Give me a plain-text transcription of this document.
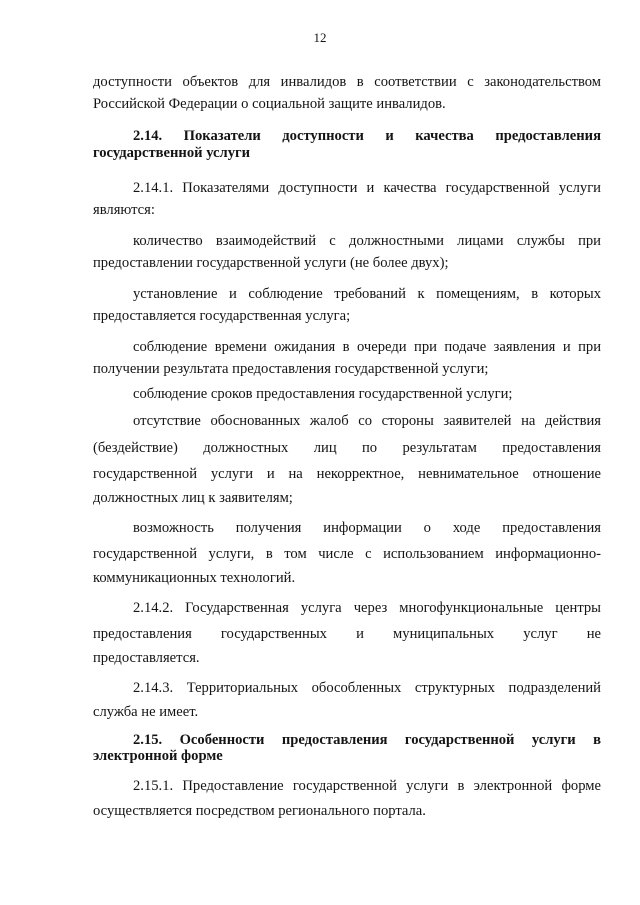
12
доступности объектов для инвалидов в соответствии с законодательством
Российской Федерации о социальной защите инвалидов.
2.14. Показатели доступности и качества предоставления
государственной услуги
2.14.1. Показателями доступности и качества государственной услуги
являются:
количество взаимодействий с должностными лицами службы при
предоставлении государственной услуги (не более двух);
установление и соблюдение требований к помещениям, в которых
предоставляется государственная услуга;
соблюдение времени ожидания в очереди при подаче заявления и при
получении результата предоставления государственной услуги;
соблюдение сроков предоставления государственной услуги;
отсутствие обоснованных жалоб со стороны заявителей на действия
(бездействие) должностных лиц по результатам предоставления
государственной услуги и на некорректное, невнимательное отношение
должностных лиц к заявителям;
возможность получения информации о ходе предоставления
государственной услуги, в том числе с использованием информационно-
коммуникационных технологий.
2.14.2. Государственная услуга через многофункциональные центры
предоставления государственных и муниципальных услуг не
предоставляется.
2.14.3. Территориальных обособленных структурных подразделений
служба не имеет.
2.15. Особенности предоставления государственной услуги в
электронной форме
2.15.1. Предоставление государственной услуги в электронной форме
осуществляется посредством регионального портала.
